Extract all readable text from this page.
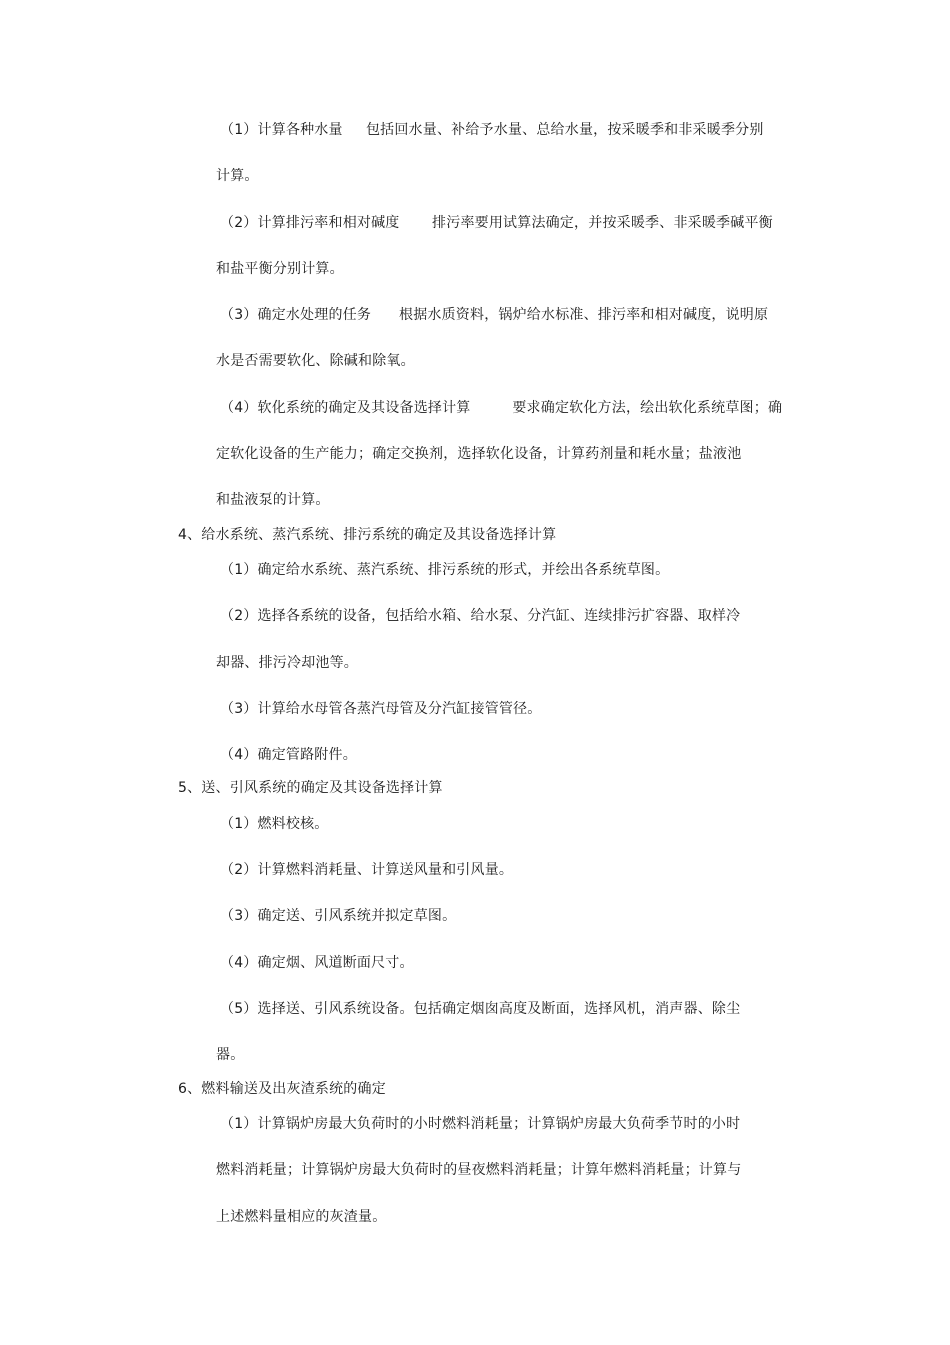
（1）计算各种水量     包括回水量、补给予水量、总给水量，按采暖季和非采暖季分别
计算。
（2）计算排污率和相对碱度       排污率要用试算法确定，并按采暖季、非采暖季碱平衡
和盐平衡分别计算。
（3）确定水处理的任务      根据水质资料，锅炉给水标准、排污率和相对碱度，说明原
水是否需要软化、除碱和除氧。
（4）软化系统的确定及其设备选择计算         要求确定软化方法，绘出软化系统草图；确
定软化设备的生产能力；确定交换剂，选择软化设备，计算药剂量和耗水量；盐液池
和盐液泵的计算。
4、给水系统、蒸汽系统、排污系统的确定及其设备选择计算
（1）确定给水系统、蒸汽系统、排污系统的形式，并绘出各系统草图。
（2）选择各系统的设备，包括给水箱、给水泵、分汽缸、连续排污扩容器、取样冷
却器、排污冷却池等。
（3）计算给水母管各蒸汽母管及分汽缸接管管径。
（4）确定管路附件。
5、送、引风系统的确定及其设备选择计算
（1）燃料校核。
（2）计算燃料消耗量、计算送风量和引风量。
（3）确定送、引风系统并拟定草图。
（4）确定烟、风道断面尺寸。
（5）选择送、引风系统设备。包括确定烟囱高度及断面，选择风机，消声器、除尘
器。
6、燃料输送及出灰渣系统的确定
（1）计算锅炉房最大负荷时的小时燃料消耗量；计算锅炉房最大负荷季节时的小时
燃料消耗量；计算锅炉房最大负荷时的昼夜燃料消耗量；计算年燃料消耗量；计算与
上述燃料量相应的灰渣量。
